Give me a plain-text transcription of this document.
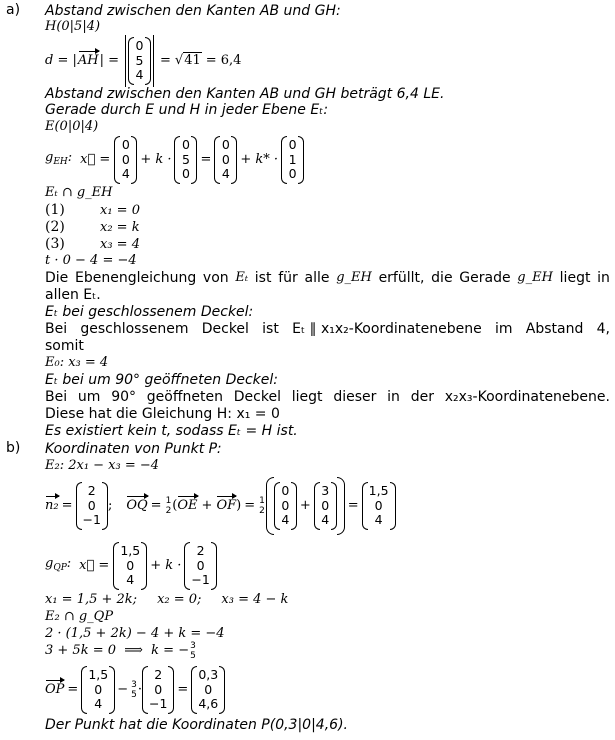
a) Abstand zwischen den Kanten AB und GH:
H(0|5|4)
d = | AH | =
0
5
4
= √ 41 = 6,4
Abstand zwischen den Kanten AB und GH beträgt 6,4 LE.
Gerade durch E und H in jeder Ebene Eₜ:
E(0|0|4)
$g_{EH}$: x⃗ =
0
0
4
+ k ·
0
5
0
=
0
0
4
+ k* ·
0
1
0
Eₜ ∩ g_EH
(1)	x₁ = 0
(2)	x₂ = k
(3)	x₃ = 4
t · 0 − 4 = −4
Die Ebenengleichung von Eₜ ist für alle g_EH erfüllt, die Gerade g_EH liegt in
allen Eₜ.
Eₜ bei geschlossenem Deckel:
Bei geschlossenem Deckel ist Eₜ ∥ x₁x₂-Koordinatenebene im Abstand 4,
somit
E₀: x₃ = 4
Eₜ bei um 90° geöffneten Deckel:
Bei um 90° geöffneten Deckel liegt dieser in der x₂x₃-Koordinatenebene.
Diese hat die Gleichung H: x₁ = 0
Es existiert kein t, sodass Eₜ = H ist.
b) Koordinaten von Punkt P:
E₂: 2x₁ − x₃ = −4
n₂ =
2
0
−1
; OQ = 1
2 ( OE + OF ) = 1
2
0
0
4
+
3
0
4
=
1,5
0
4
$g_{QP}$: x⃗ =
1,5
0
4
+ k ·
2
0
−1
x₁ = 1,5 + 2k; x₂ = 0; x₃ = 4 − k
E₂ ∩ g_QP
2 · (1,5 + 2k) − 4 + k = −4
3 + 5k = 0  ⟹  k = − 3
5
OP =
1,5
0
4
− 3
5 ·
2
0
−1
=
0,3
0
4,6
Der Punkt hat die Koordinaten P(0,3|0|4,6).
